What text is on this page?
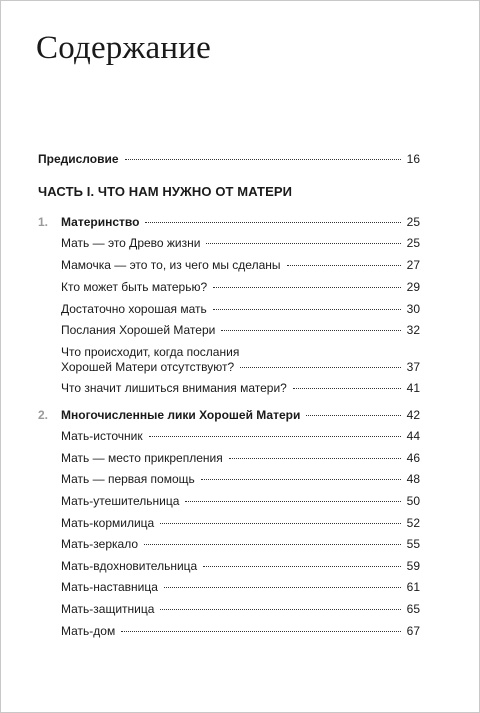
Содержание
Предисловие	16
ЧАСТЬ I. ЧТО НАМ НУЖНО ОТ МАТЕРИ
1. Материнство	25
Мать — это Древо жизни	25
Мамочка — это то, из чего мы сделаны	27
Кто может быть матерью?	29
Достаточно хорошая мать	30
Послания Хорошей Матери	32
Что происходит, когда послания
Хорошей Матери отсутствуют?	37
Что значит лишиться внимания матери?	41
2. Многочисленные лики Хорошей Матери	42
Мать-источник	44
Мать — место прикрепления	46
Мать — первая помощь	48
Мать-утешительница	50
Мать-кормилица	52
Мать-зеркало	55
Мать-вдохновительница	59
Мать-наставница	61
Мать-защитница	65
Мать-дом	67
